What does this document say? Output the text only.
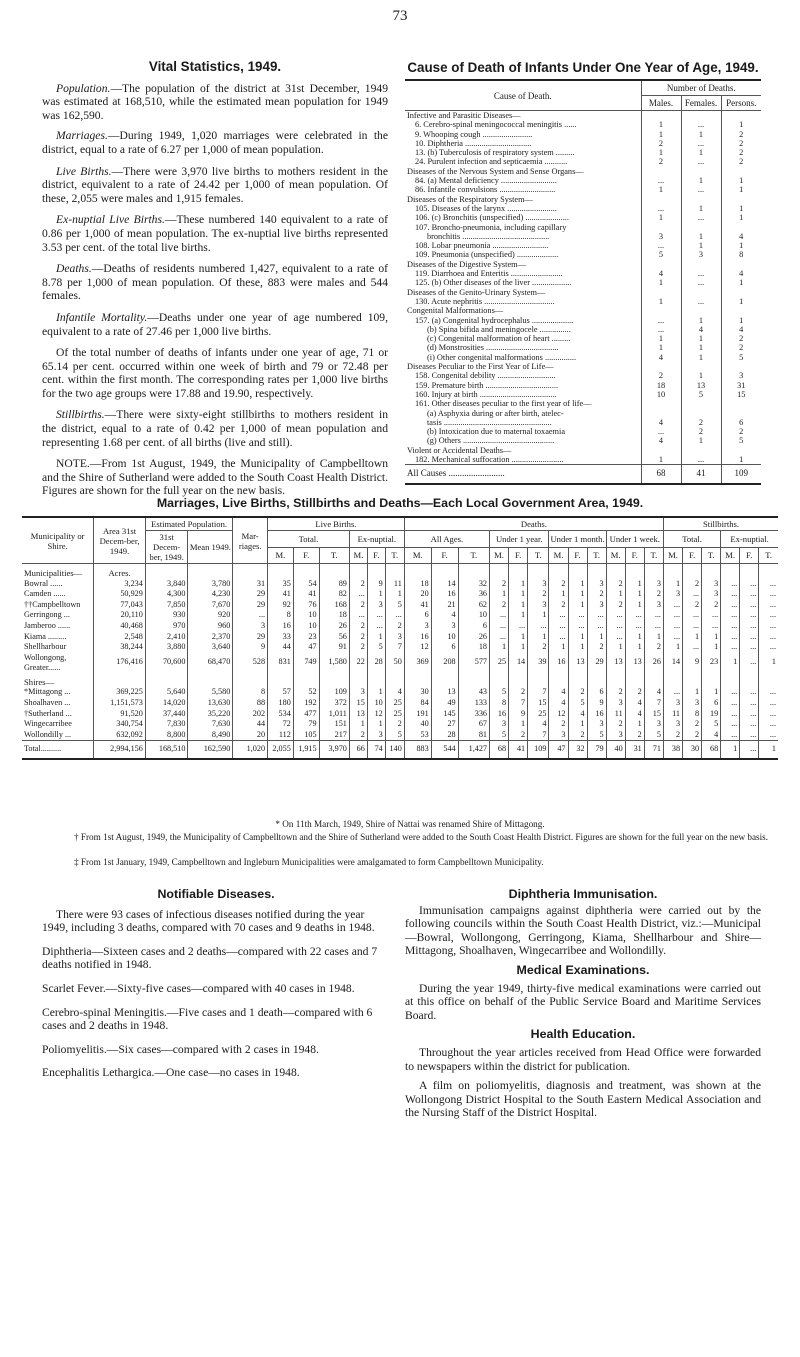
73
Vital Statistics, 1949.

Population.—The population of the district at 31st December, 1949 was estimated at 168,510, while the estimated mean population for 1949 was 162,590.

Marriages.—During 1949, 1,020 marriages were celebrated in the district, equal to a rate of 6.27 per 1,000 of mean population.

Live Births.—There were 3,970 live births to mothers resident in the district, equivalent to a rate of 24.42 per 1,000 of mean population. Of these, 2,055 were males and 1,915 females.

Ex-nuptial Live Births.—These numbered 140 equivalent to a rate of 0.86 per 1,000 of mean population. The ex-nuptial live births represented 3.53 per cent. of the total live births.

Deaths.—Deaths of residents numbered 1,427, equivalent to a rate of 8.78 per 1,000 of mean population. Of these, 883 were males and 544 females.

Infantile Mortality.—Deaths under one year of age numbered 109, equivalent to a rate of 27.46 per 1,000 live births.

Of the total number of deaths of infants under one year of age, 71 or 65.14 per cent. occurred within one week of birth and 79 or 72.48 per cent. within the first month. The corresponding rates per 1,000 live births for the two age groups were 17.88 and 19.90, respectively.

Stillbirths.—There were sixty-eight stillbirths to mothers resident in the district, equal to a rate of 0.42 per 1,000 of mean population and representing 1.68 per cent. of all births (live and still).

NOTE.—From 1st August, 1949, the Municipality of Campbelltown and the Shire of Sutherland were added to the South Coast Health District. Figures are shown for the full year on the new basis.

Cause of Death of Infants Under One Year of Age, 1949.
Cause of Death.	Number of Deaths.		
	Males.	Females.	Persons.
Infective and Parasitic Diseases—			
6. Cerebro-spinal meningococcal meningitis ......	1	...	1
9. Whooping cough ........................	1	1	2
10. Diphtheria ................................	2	...	2
13. (b) Tuberculosis of respiratory system .........	1	1	2
24. Purulent infection and septicaemia ...........	2	...	2
Diseases of the Nervous System and Sense Organs—			
84. (a) Mental deficiency ...........................	...	1	1
86. Infantile convulsions ...........................	1	...	1
Diseases of the Respiratory System—			
105. Diseases of the larynx ........................	...	1	1
106. (c) Bronchitis (unspecified) .....................	1	...	1
107. Broncho-pneumonia, including capillary			
bronchitis ..........................................	3	1	4
108. Lobar pneumonia ...........................	...	1	1
109. Pneumonia (unspecified) ....................	5	3	8
Diseases of the Digestive System—			
119. Diarrhoea and Enteritis .........................	4	...	4
125. (b) Other diseases of the liver ...................	1	...	1
Diseases of the Genito-Urinary System—			
130. Acute nephritis ..................................	1	...	1
Congenital Malformations—			
157. (a) Congenital hydrocephalus ....................	...	1	1
(b) Spina bifida and meningocele ...............	...	4	4
(c) Congenital malformation of heart .........	1	1	2
(d) Monstrosities ...................................	1	1	2
(i) Other congenital malformations ...............	4	1	5
Diseases Peculiar to the First Year of Life—			
158. Congenital debility ............................	2	1	3
159. Premature birth ...................................	18	13	31
160. Injury at birth .....................................	10	5	15
161. Other diseases peculiar to the first year of life—			
(a) Asphyxia during or after birth, atelec-			
tasis ....................................................	4	2	6
(b) Intoxication due to maternal toxaemia	...	2	2
(g) Others ............................................	4	1	5
Violent or Accidental Deaths—			
182. Mechanical suffocation .........................	1	...	1
All Causes .........................	68	41	109
Marriages, Live Births, Stillbirths and Deaths—Each Local Government Area, 1949.
Municipality or Shire.	Area 31st Decem-ber, 1949.	Estimated Population.		Mar-riages.	Live Births.						Deaths.												Stillbirths.					
		31st Decem-ber, 1949.	Mean 1949.		Total.			Ex-nuptial.			All Ages.			Under 1 year.			Under 1 month.			Under 1 week.			Total.			Ex-nuptial.		
					M.	F.	T.	M.	F.	T.	M.	F.	T.	M.	F.	T.	M.	F.	T.	M.	F.	T.	M.	F.	T.	M.	F.	T.
Municipalities—	Acres.																											
Bowral ......	3,234	3,840	3,780	31	35	54	89	2	9	11	18	14	32	2	1	3	2	1	3	2	1	3	1	2	3	...	...	...
Camden ......	50,929	4,300	4,230	29	41	41	82	...	1	1	20	16	36	1	1	2	1	1	2	1	1	2	3	...	3	...	...	...
††Campbelltown	77,043	7,850	7,670	29	92	76	168	2	3	5	41	21	62	2	1	3	2	1	3	2	1	3	...	2	2	...	...	...
Gerringong ...	20,110	930	920	...	8	10	18	...	...	...	6	4	10	...	1	1	...	...	...	...	...	...	...	...	...	...	...	...
Jamberoo ......	40,468	970	960	3	16	10	26	2	...	2	3	3	6	...	...	...	...	...	...	...	...	...	...	...	...	...	...	...
Kiama .........	2,548	2,410	2,370	29	33	23	56	2	1	3	16	10	26	...	1	1	...	1	1	...	1	1	...	1	1	...	...	...
Shellharbour	38,244	3,880	3,640	9	44	47	91	2	5	7	12	6	18	1	1	2	1	1	2	1	1	2	1	...	1	...	...	...
Wollongong, Greater......	176,416	70,600	68,470	528	831	749	1,580	22	28	50	369	208	577	25	14	39	16	13	29	13	13	26	14	9	23	1	...	1
Shires—																												
*Mittagong ...	369,225	5,640	5,580	8	57	52	109	3	1	4	30	13	43	5	2	7	4	2	6	2	2	4	...	1	1	...	...	...
Shoalhaven ...	1,151,573	14,020	13,630	88	180	192	372	15	10	25	84	49	133	8	7	15	4	5	9	3	4	7	3	3	6	...	...	...
†Sutherland ...	91,520	37,440	35,220	202	534	477	1,011	13	12	25	191	145	336	16	9	25	12	4	16	11	4	15	11	8	19	...	...	...
Wingecarribee	340,754	7,830	7,630	44	72	79	151	1	1	2	40	27	67	3	1	4	2	1	3	2	1	3	3	2	5	...	...	...
Wollondilly ...	632,092	8,800	8,490	20	112	105	217	2	3	5	53	28	81	5	2	7	3	2	5	3	2	5	2	2	4	...	...	...
Total..........	2,994,156	168,510	162,590	1,020	2,055	1,915	3,970	66	74	140	883	544	1,427	68	41	109	47	32	79	40	31	71	38	30	68	1	...	1
* On 11th March, 1949, Shire of Nattai was renamed Shire of Mittagong.
† From 1st August, 1949, the Municipality of Campbelltown and the Shire of Sutherland were added to the South Coast Health District. Figures are shown for the full year on the new basis.
‡ From 1st January, 1949, Campbelltown and Ingleburn Municipalities were amalgamated to form Campbelltown Municipality.
Notifiable Diseases.

There were 93 cases of infectious diseases notified during the year 1949, including 3 deaths, compared with 70 cases and 9 deaths in 1948.

Diphtheria—Sixteen cases and 2 deaths—compared with 22 cases and 7 deaths notified in 1948.

Scarlet Fever.—Sixty-five cases—compared with 40 cases in 1948.

Cerebro-spinal Meningitis.—Five cases and 1 death—compared with 6 cases and 2 deaths in 1948.

Poliomyelitis.—Six cases—compared with 2 cases in 1948.

Encephalitis Lethargica.—One case—no cases in 1948.

Diphtheria Immunisation.

Immunisation campaigns against diphtheria were carried out by the following councils within the South Coast Health District, viz.:—Municipal—Bowral, Wollongong, Gerringong, Kiama, Shellharbour and Shire—Mittagong, Shoalhaven, Wingecarribee and Wollondilly.

Medical Examinations.

During the year 1949, thirty-five medical examinations were carried out at this office on behalf of the Public Service Board and Maritime Services Board.

Health Education.

Throughout the year articles received from Head Office were forwarded to newspapers within the district for publication.

A film on poliomyelitis, diagnosis and treatment, was shown at the Wollongong District Hospital to the South Eastern Medical Association and the Nursing Staff of the District Hospital.
